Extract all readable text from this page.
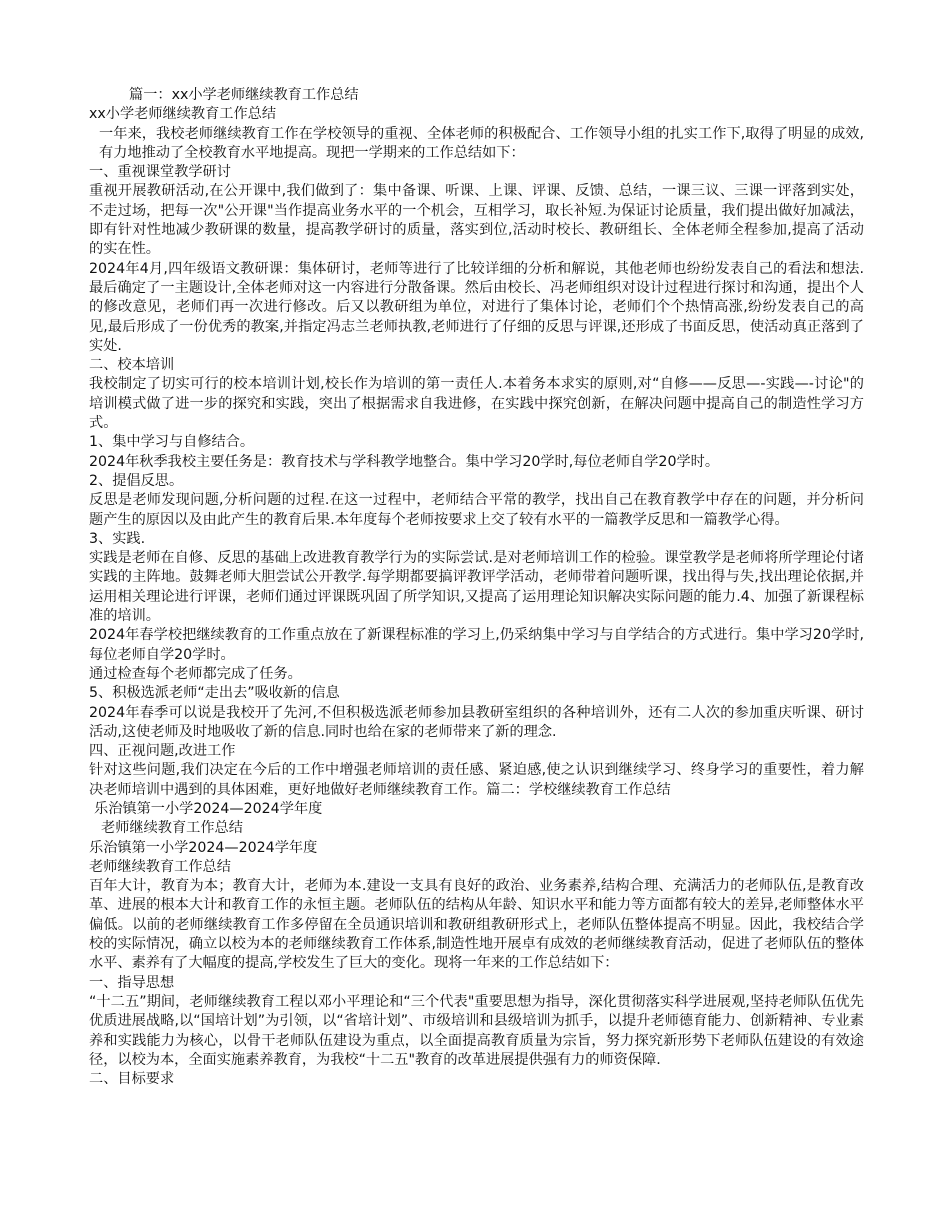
篇一：xx小学老师继续教育工作总结

xx小学老师继续教育工作总结

一年来，我校老师继续教育工作在学校领导的重视、全体老师的积极配合、工作领导小组的扎实工作下,取得了明显的成效,有力地推动了全校教育水平地提高。现把一学期来的工作总结如下：

一、重视课堂教学研讨

重视开展教研活动,在公开课中,我们做到了：集中备课、听课、上课、评课、反馈、总结，一课三议、三课一评落到实处，不走过场，把每一次"公开课"当作提高业务水平的一个机会，互相学习，取长补短.为保证讨论质量，我们提出做好加减法，即有针对性地减少教研课的数量，提高教学研讨的质量，落实到位,活动时校长、教研组长、全体老师全程参加,提高了活动的实在性。

2024年4月,四年级语文教研课：集体研讨，老师等进行了比较详细的分析和解说，其他老师也纷纷发表自己的看法和想法.最后确定了一主题设计,全体老师对这一内容进行分散备课。然后由校长、冯老师组织对设计过程进行探讨和沟通，提出个人的修改意见，老师们再一次进行修改。后又以教研组为单位，对进行了集体讨论，老师们个个热情高涨,纷纷发表自己的高见,最后形成了一份优秀的教案,并指定冯志兰老师执教,老师进行了仔细的反思与评课,还形成了书面反思，使活动真正落到了实处.

二、校本培训

我校制定了切实可行的校本培训计划,校长作为培训的第一责任人.本着务本求实的原则,对“自修——反思—-实践—-讨论"的培训模式做了进一步的探究和实践，突出了根据需求自我进修，在实践中探究创新，在解决问题中提高自己的制造性学习方式。

1、集中学习与自修结合。

2024年秋季我校主要任务是：教育技术与学科教学地整合。集中学习20学时,每位老师自学20学时。

2、提倡反思。

反思是老师发现问题,分析问题的过程.在这一过程中，老师结合平常的教学，找出自己在教育教学中存在的问题，并分析问题产生的原因以及由此产生的教育后果.本年度每个老师按要求上交了较有水平的一篇教学反思和一篇教学心得。

3、实践.

实践是老师在自修、反思的基础上改进教育教学行为的实际尝试.是对老师培训工作的检验。课堂教学是老师将所学理论付诸实践的主阵地。鼓舞老师大胆尝试公开教学.每学期都要搞评教评学活动，老师带着问题听课，找出得与失,找出理论依据,并运用相关理论进行评课，老师们通过评课既巩固了所学知识,又提高了运用理论知识解决实际问题的能力.4、加强了新课程标准的培训。

2024年春学校把继续教育的工作重点放在了新课程标准的学习上,仍采纳集中学习与自学结合的方式进行。集中学习20学时,每位老师自学20学时。

通过检查每个老师都完成了任务。

5、积极选派老师“走出去”吸收新的信息

2024年春季可以说是我校开了先河,不但积极选派老师参加县教研室组织的各种培训外，还有二人次的参加重庆听课、研讨活动,这使老师及时地吸收了新的信息.同时也给在家的老师带来了新的理念.

四、正视问题,改进工作

针对这些问题,我们决定在今后的工作中增强老师培训的责任感、紧迫感,使之认识到继续学习、终身学习的重要性，着力解决老师培训中遇到的具体困难，更好地做好老师继续教育工作。篇二：学校继续教育工作总结

乐治镇第一小学2024—2024学年度

老师继续教育工作总结

乐治镇第一小学2024—2024学年度

老师继续教育工作总结

百年大计，教育为本；教育大计，老师为本.建设一支具有良好的政治、业务素养,结构合理、充满活力的老师队伍,是教育改革、进展的根本大计和教育工作的永恒主题。老师队伍的结构从年龄、知识水平和能力等方面都有较大的差异,老师整体水平偏低。以前的老师继续教育工作多停留在全员通识培训和教研组教研形式上，老师队伍整体提高不明显。因此，我校结合学校的实际情况，确立以校为本的老师继续教育工作体系,制造性地开展卓有成效的老师继续教育活动，促进了老师队伍的整体水平、素养有了大幅度的提高,学校发生了巨大的变化。现将一年来的工作总结如下：

一、指导思想

“十二五”期间，老师继续教育工程以邓小平理论和“三个代表"重要思想为指导，深化贯彻落实科学进展观,坚持老师队伍优先优质进展战略,以“国培计划”为引领，以“省培计划”、市级培训和县级培训为抓手，以提升老师德育能力、创新精神、专业素养和实践能力为核心，以骨干老师队伍建设为重点，以全面提高教育质量为宗旨，努力探究新形势下老师队伍建设的有效途径，以校为本，全面实施素养教育，为我校“十二五"教育的改革进展提供强有力的师资保障.

二、目标要求
